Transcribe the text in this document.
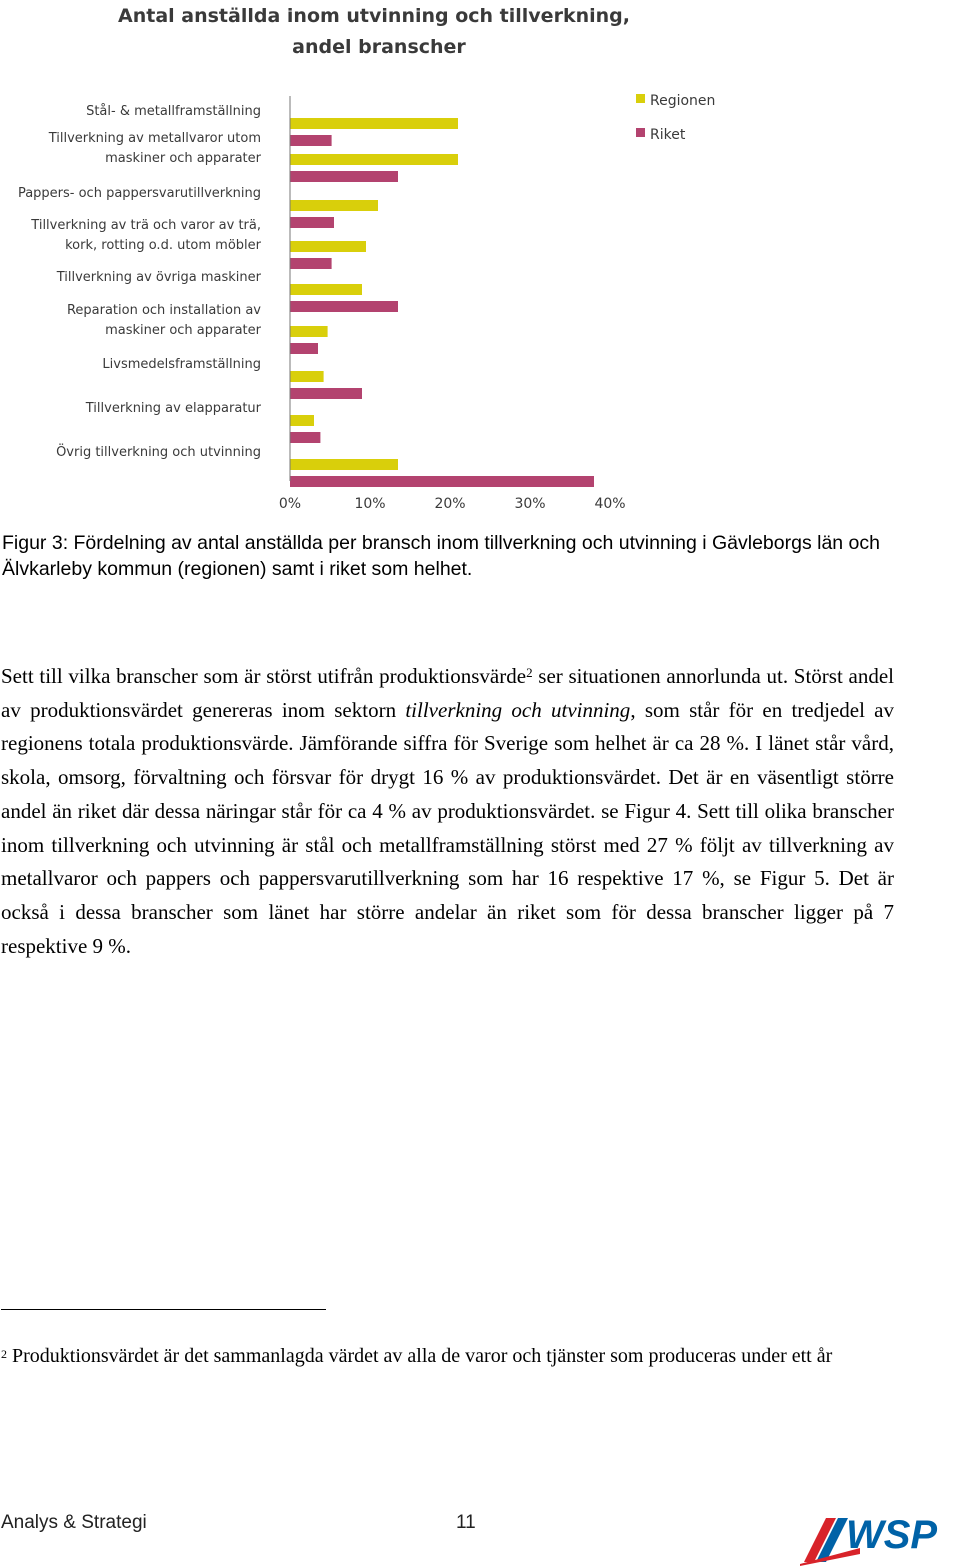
Antal anställda inom utvinning och tillverkning,
andel branscher
Stål- & metallframställning
Tillverkning av metallvaror utom
maskiner och apparater
Pappers- och pappersvarutillverkning
Tillverkning av trä och varor av trä,
kork, rotting o.d. utom möbler
Tillverkning av övriga maskiner
Reparation och installation av
maskiner och apparater
Livsmedelsframställning
Tillverkning av elapparatur
Övrig tillverkning och utvinning
0%	10%	20%	30%	40%
Regionen
Riket
Figur 3: Fördelning av antal anställda per bransch inom tillverkning och utvinning i Gävleborgs län och Älvkarleby kommun (regionen) samt i riket som helhet.

Sett till vilka branscher som är störst utifrån produktionsvärde$^2$ ser situationen annorlunda ut. Störst andel av produktionsvärdet genereras inom sektorn tillverkning och utvinning, som står för en tredjedel av regionens totala produktionsvärde. Jämförande siffra för Sverige som helhet är ca 28 %. I länet står vård, skola, omsorg, förvaltning och försvar för drygt 16 % av produktionsvärdet. Det är en väsentligt större andel än riket där dessa näringar står för ca 4 % av produktionsvärdet. se Figur 4. Sett till olika branscher inom tillverkning och utvinning är stål och metallframställning störst med 27 % följt av tillverkning av metallvaror och pappers och pappersvarutillverkning som har 16 respektive 17 %, se Figur 5. Det är också i dessa branscher som länet har större andelar än riket som för dessa branscher ligger på 7 respektive 9 %.

$^2$ Produktionsvärdet är det sammanlagda värdet av alla de varor och tjänster som produceras under ett år
Analys & Strategi	11	WSP
